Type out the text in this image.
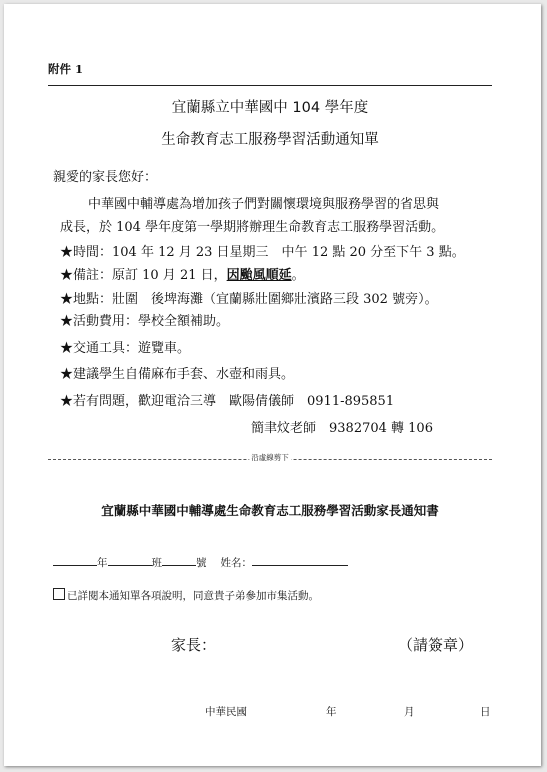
附件 1
宜蘭縣立中華國中 104 學年度
生命教育志工服務學習活動通知單
親愛的家長您好：
中華國中輔導處為增加孩子們對關懷環境與服務學習的省思與
成長，於 104 學年度第一學期將辦理生命教育志工服務學習活動。
★時間：104 年 12 月 23 日星期三　中午 12 點 20 分至下午 3 點。
★備註：原訂 10 月 21 日，因颱風順延。
★地點：壯圍　後埤海灘（宜蘭縣壯圍鄉壯濱路三段 302 號旁）。
★活動費用：學校全額補助。
★交通工具：遊覽車。
★建議學生自備麻布手套、水壺和雨具。
★若有問題，歡迎電洽三導　歐陽倩儀師　0911-895851
簡聿炆老師　9382704 轉 106
沿虛線剪下
宜蘭縣中華國中輔導處生命教育志工服務學習活動家長通知書
年	班	號 姓名：
已詳閱本通知單各項說明，同意貴子弟參加市集活動。
家長：	（請簽章）
中華民國	年	月	日
